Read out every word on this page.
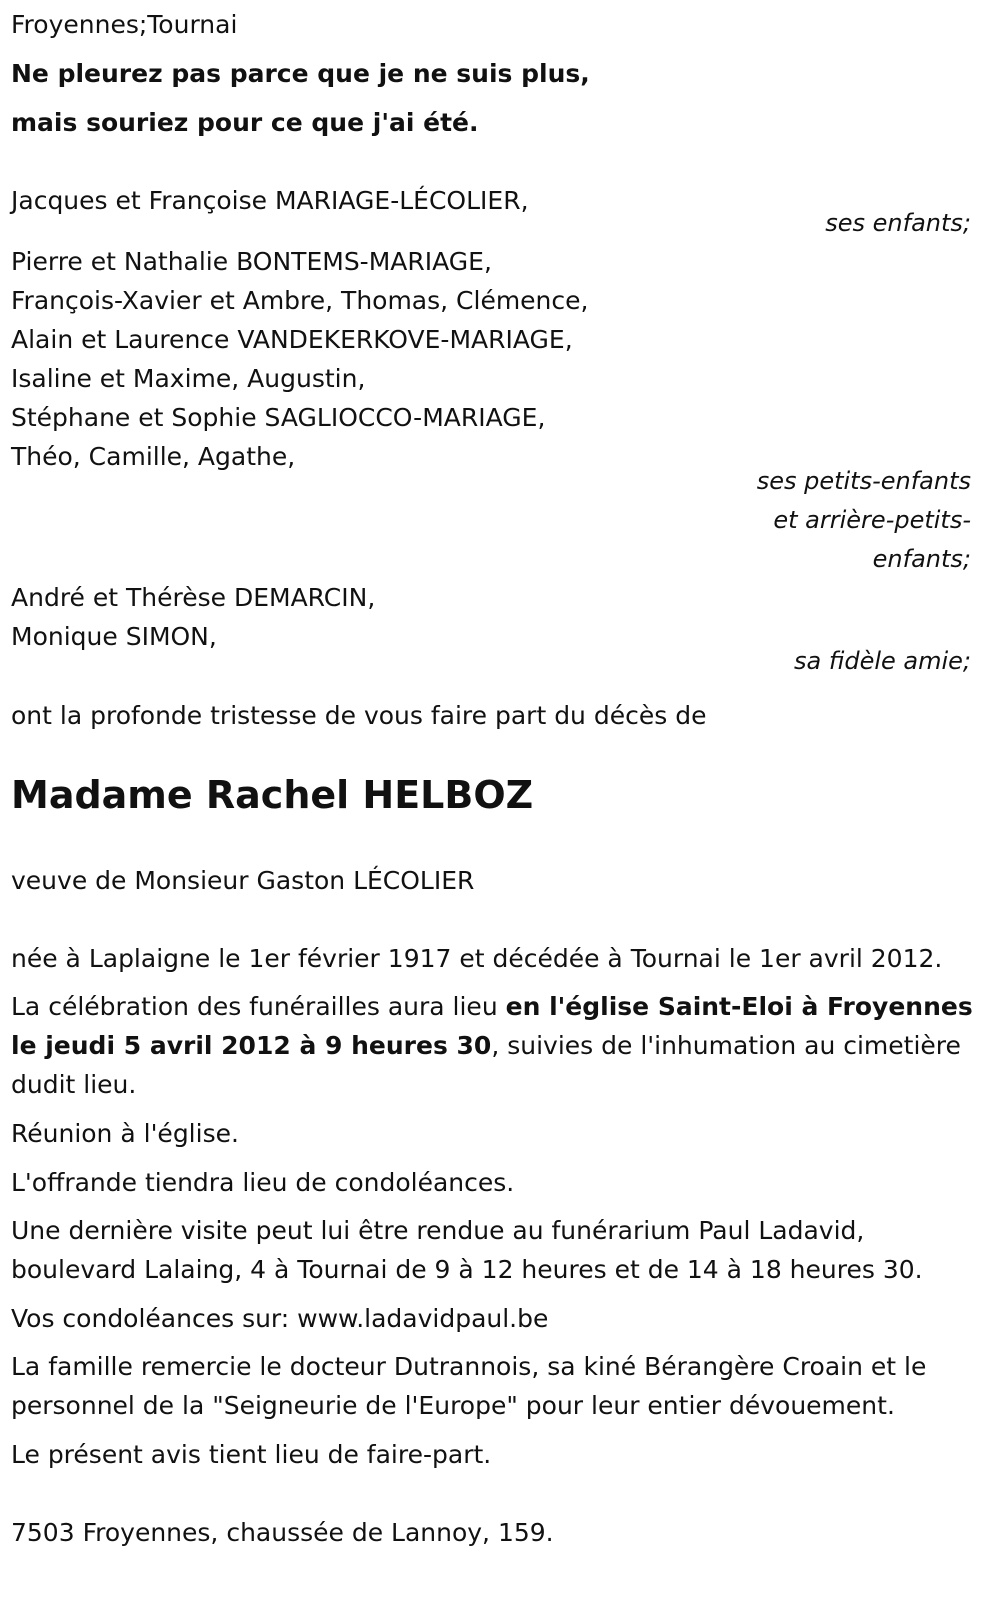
Froyennes;Tournai
Ne pleurez pas parce que je ne suis plus,
mais souriez pour ce que j'ai été.
Jacques et Françoise MARIAGE-LÉCOLIER,
ses enfants;
Pierre et Nathalie BONTEMS-MARIAGE,
François-Xavier et Ambre, Thomas, Clémence,
Alain et Laurence VANDEKERKOVE-MARIAGE,
Isaline et Maxime, Augustin,
Stéphane et Sophie SAGLIOCCO-MARIAGE,
Théo, Camille, Agathe,
ses petits-enfants
et arrière-petits-
enfants;
André et Thérèse DEMARCIN,
Monique SIMON,
sa fidèle amie;
ont la profonde tristesse de vous faire part du décès de
Madame Rachel HELBOZ
veuve de Monsieur Gaston LÉCOLIER
née à Laplaigne le 1er février 1917 et décédée à Tournai le 1er avril 2012.
La célébration des funérailles aura lieu en l'église Saint-Eloi à Froyennes
le jeudi 5 avril 2012 à 9 heures 30, suivies de l'inhumation au cimetière
dudit lieu.
Réunion à l'église.
L'offrande tiendra lieu de condoléances.
Une dernière visite peut lui être rendue au funérarium Paul Ladavid,
boulevard Lalaing, 4 à Tournai de 9 à 12 heures et de 14 à 18 heures 30.
Vos condoléances sur: www.ladavidpaul.be
La famille remercie le docteur Dutrannois, sa kiné Bérangère Croain et le
personnel de la "Seigneurie de l'Europe" pour leur entier dévouement.
Le présent avis tient lieu de faire-part.
7503 Froyennes, chaussée de Lannoy, 159.
